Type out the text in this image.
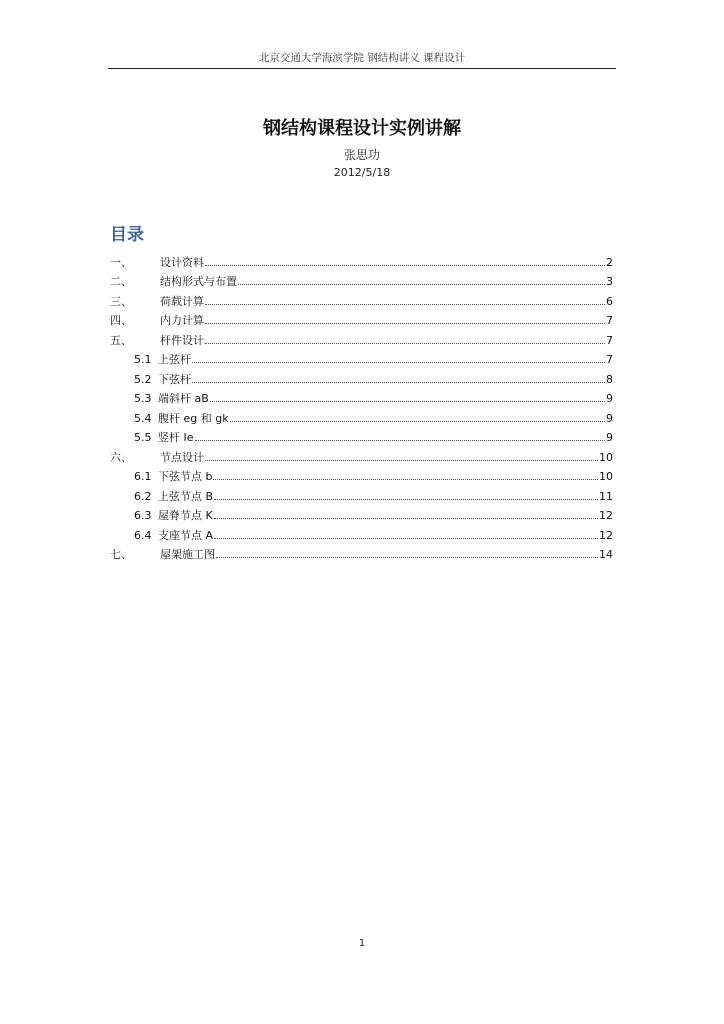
北京交通大学海滨学院 钢结构讲义 课程设计
钢结构课程设计实例讲解
张思功
2012/5/18
目录
一、	设计资料	2
二、	结构形式与布置	3
三、	荷载计算	6
四、	内力计算	7
五、	杆件设计	7
5.1 上弦杆	7
5.2 下弦杆	8
5.3 端斜杆 aB	9
5.4 腹杆 eg 和 gk	9
5.5 竖杆 Ie	9
六、	节点设计	10
6.1 下弦节点 b	10
6.2 上弦节点 B	11
6.3 屋脊节点 K	12
6.4 支座节点 A	12
七、	屋架施工图	14
1
